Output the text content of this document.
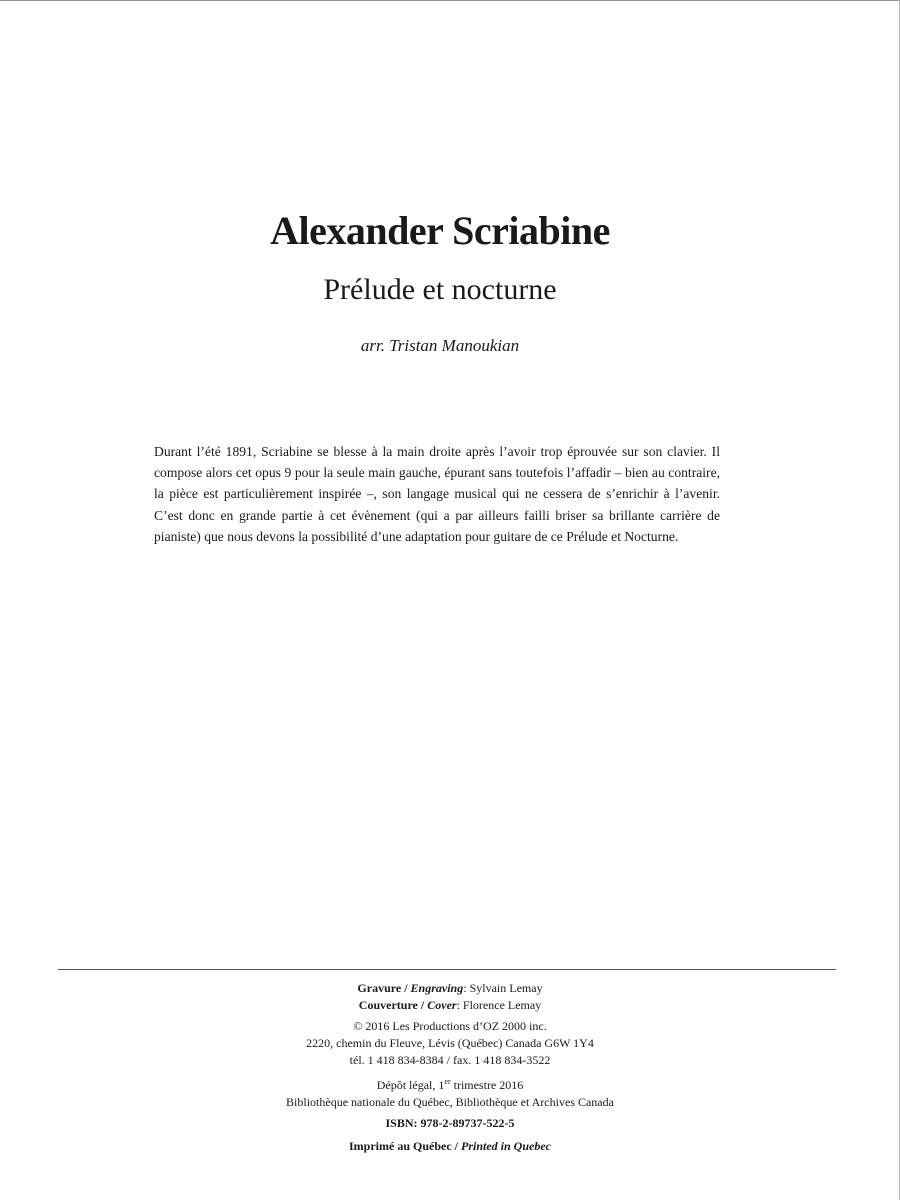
Alexander Scriabine
Prélude et nocturne
arr. Tristan Manoukian

Durant l’été 1891, Scriabine se blesse à la main droite après l’avoir trop éprouvée sur son clavier. Il compose alors cet opus 9 pour la seule main gauche, épurant sans toutefois l’affadir – bien au contraire, la pièce est particulièrement inspirée –, son langage musical qui ne cessera de s’enrichir à l’avenir. C’est donc en grande partie à cet évènement (qui a par ailleurs failli briser sa brillante carrière de pianiste) que nous devons la possibilité d’une adaptation pour guitare de ce Prélude et Nocturne.

Gravure / Engraving: Sylvain Lemay
Couverture / Cover: Florence Lemay
© 2016 Les Productions d’OZ 2000 inc.
2220, chemin du Fleuve, Lévis (Québec) Canada G6W 1Y4
tél. 1 418 834-8384 / fax. 1 418 834-3522
Dépôt légal, 1er trimestre 2016
Bibliothèque nationale du Québec, Bibliothèque et Archives Canada
ISBN: 978-2-89737-522-5
Imprimé au Québec / Printed in Quebec
